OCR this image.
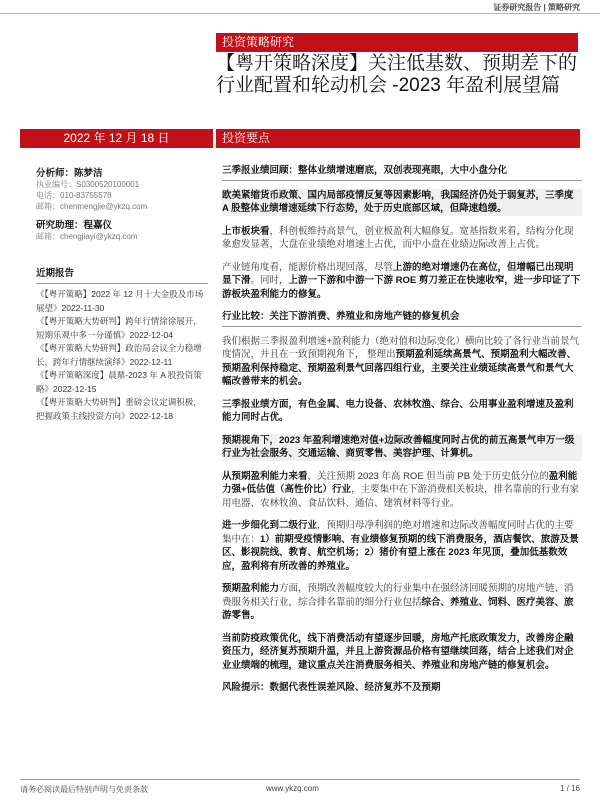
证券研究报告 | 策略研究
投资策略研究
【粤开策略深度】关注低基数、预期差下的行业配置和轮动机会 -2023 年盈利展望篇
2022 年 12 月 18 日	投资要点
分析师：陈梦洁
执业编号：S0300520100001
电话：010-83755578
邮箱：chenmengjie@ykzq.com
研究助理：程嘉仪
邮箱：chengjiayi@ykzq.com
近期报告
《【粤开策略】2022 年 12 月十大金股及市场展望》2022-11-30
《【粤开策略大势研判】跨年行情徐徐展开，短期乐观中多一分谨慎》2022-12-04
《【粤开策略大势研判】政治局会议全力稳增长，跨年行情继续演绎》2022-12-11
《【粤开策略深度】晨鼎-2023 年 A 股投资策略》2022-12-15
《【粤开策略大势研判】重磅会议定调积极，把握政策主线投资方向》2022-12-18

三季报业绩回顾：整体业绩增速磨底，双创表现亮眼，大中小盘分化

欧美紧缩货币政策、国内局部疫情反复等因素影响，我国经济仍处于弱复苏，三季度 A 股整体业绩增速延续下行态势，处于历史底部区域，但降速趋缓。

上市板块看，科创板维持高景气，创业板盈利大幅修复。宽基指数来看，结构分化现象愈发显著，大盘在业绩绝对增速上占优，而中小盘在业绩边际改善上占优。

产业链角度看，能源价格出现回落，尽管上游的绝对增速仍在高位，但增幅已出现明显下滑。同时，上游一下游和中游一下游 ROE 剪刀差正在快速收窄，进一步印证了下游板块盈利能力的修复。

行业比较：关注下游消费、养殖业和房地产链的修复机会

我们根据三季报盈利增速+盈利能力（绝对值和边际变化）横向比较了各行业当前景气度情况，并且在一致预期视角下， 整理出预期盈利延续高景气、预期盈利大幅改善、预期盈利保持稳定、预期盈利景气回落四组行业，主要关注业绩延续高景气和景气大幅改善带来的机会。

三季报业绩方面，有色金属、电力设备、农林牧渔、综合、公用事业盈利增速及盈利能力同时占优。

预期视角下，2023 年盈利增速绝对值+边际改善幅度同时占优的前五高景气申万一级行业为社会服务、交通运输、商贸零售、美容护理、计算机。

从预期盈利能力来看，关注预期 2023 年高 ROE 但当前 PB 处于历史低分位的盈利能力强+低估值（高性价比）行业，主要集中在下游消费相关板块，排名靠前的行业有家用电器、农林牧渔、食品饮料、通信、建筑材料等行业。

进一步细化到二级行业，预期归母净利润的绝对增速和边际改善幅度同时占优的主要集中在：1）前期受疫情影响、有业绩修复预期的线下消费服务，酒店餐饮、旅游及景区、影视院线、教育、航空机场；2）猪价有望上涨在 2023 年见顶，叠加低基数效应，盈利将有所改善的养殖业。

预期盈利能力方面，预期改善幅度较大的行业集中在强经济回暖预期的房地产链、消费服务相关行业，综合排名靠前的细分行业包括综合、养殖业、饲料、医疗美容、旅游零售。

当前防疫政策优化，线下消费活动有望逐步回暖，房地产托底政策发力，改善房企融资压力，经济复苏预期升温，并且上游资源品价格有望继续回落，结合上述我们对企业业绩端的梳理，建议重点关注消费服务相关、养殖业和房地产链的修复机会。

风险提示：数据代表性误差风险、经济复苏不及预期

请务必阅读最后特别声明与免责条款	www.ykzq.com	1 / 16
